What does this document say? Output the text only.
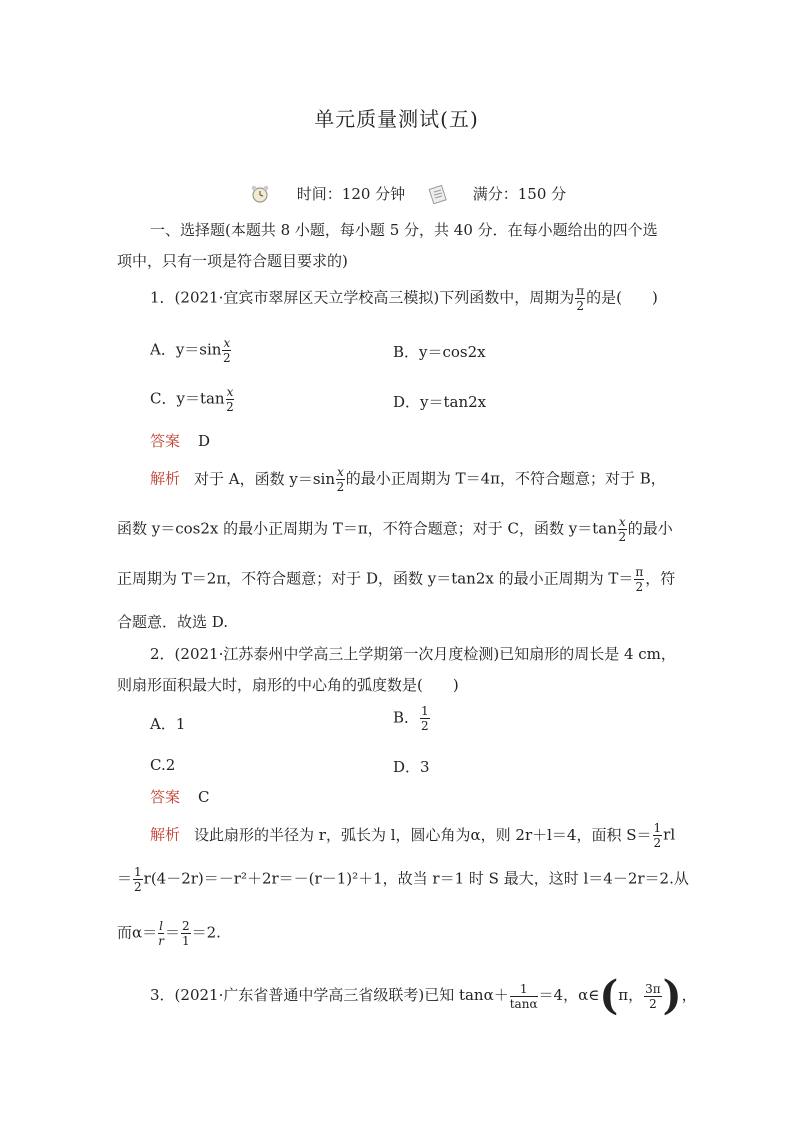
单元质量测试(五)
时间：120 分钟	满分：150 分
一、选择题(本题共 8 小题，每小题 5 分，共 40 分．在每小题给出的四个选
项中，只有一项是符合题目要求的)
1．(2021·宜宾市翠屏区天立学校高三模拟)下列函数中，周期为 $\frac{\pi}{2}$ 的是(　　)
A．$y=\sin \frac{x}{2}$	B．y＝cos2x
C．$y=\tan \frac{x}{2}$	D．y＝tan2x
答案 D
解析 对于 A，函数 $y=\sin \frac{x}{2}$ 的最小正周期为 T＝4π，不符合题意；对于 B，
函数 y＝cos2x 的最小正周期为 T＝π，不符合题意；对于 C，函数 $y=\tan \frac{x}{2}$ 的最小
正周期为 T＝2π，不符合题意；对于 D，函数 y＝tan2x 的最小正周期为 $T= \frac{\pi}{2}$ ，符
合题意．故选 D.
2．(2021·江苏泰州中学高三上学期第一次月度检测)已知扇形的周长是 4 cm，
则扇形面积最大时，扇形的中心角的弧度数是(　　)
A．1	B． $\frac{1}{2}$
C.2	D．3
答案 C
解析 设此扇形的半径为 r，弧长为 l，圆心角为α，则 2r＋l＝4，面积 $S= \frac{1}{2}$ rl
＝ $\frac{1}{2} r(4-2r)=-r^2+2r=-(r-1)^2+1$，故当 r＝1 时 S 最大，这时 l＝4－2r＝2.从
而$\alpha= \frac{l}{r} = \frac{2}{1} =2$.
3．(2021·广东省普通中学高三省级联考)已知 $\tan\alpha+ \frac{1}{\tan\alpha} =4$，α∈(π， $\frac{3\pi}{2}$ )，
